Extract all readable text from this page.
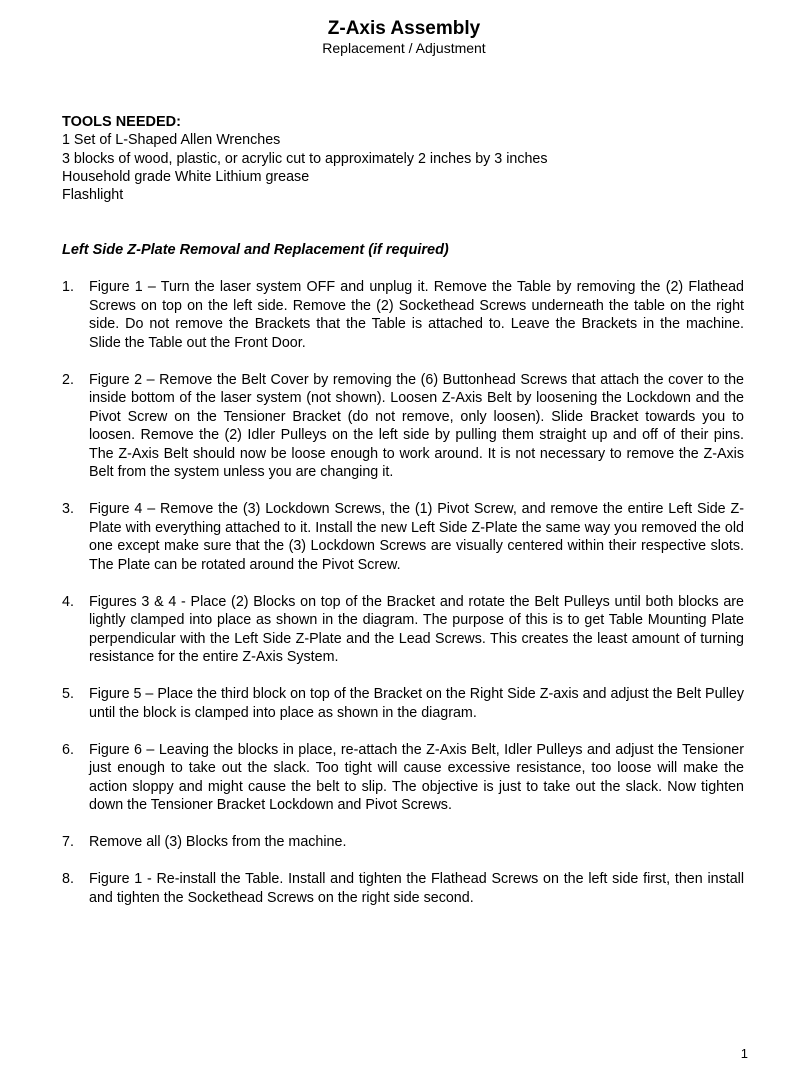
Z-Axis Assembly
Replacement / Adjustment
TOOLS NEEDED:
1 Set of L-Shaped Allen Wrenches
3 blocks of wood, plastic, or acrylic cut to approximately 2 inches by 3 inches
Household grade White Lithium grease
Flashlight
Left Side Z-Plate Removal and Replacement (if required)
1. Figure 1 – Turn the laser system OFF and unplug it. Remove the Table by removing the (2) Flathead Screws on top on the left side. Remove the (2) Sockethead Screws underneath the table on the right side. Do not remove the Brackets that the Table is attached to. Leave the Brackets in the machine. Slide the Table out the Front Door.
2. Figure 2 – Remove the Belt Cover by removing the (6) Buttonhead Screws that attach the cover to the inside bottom of the laser system (not shown). Loosen Z-Axis Belt by loosening the Lockdown and the Pivot Screw on the Tensioner Bracket (do not remove, only loosen). Slide Bracket towards you to loosen. Remove the (2) Idler Pulleys on the left side by pulling them straight up and off of their pins. The Z-Axis Belt should now be loose enough to work around. It is not necessary to remove the Z-Axis Belt from the system unless you are changing it.
3. Figure 4 – Remove the (3) Lockdown Screws, the (1) Pivot Screw, and remove the entire Left Side Z-Plate with everything attached to it. Install the new Left Side Z-Plate the same way you removed the old one except make sure that the (3) Lockdown Screws are visually centered within their respective slots. The Plate can be rotated around the Pivot Screw.
4. Figures 3 & 4 - Place (2) Blocks on top of the Bracket and rotate the Belt Pulleys until both blocks are lightly clamped into place as shown in the diagram. The purpose of this is to get Table Mounting Plate perpendicular with the Left Side Z-Plate and the Lead Screws. This creates the least amount of turning resistance for the entire Z-Axis System.
5. Figure 5 – Place the third block on top of the Bracket on the Right Side Z-axis and adjust the Belt Pulley until the block is clamped into place as shown in the diagram.
6. Figure 6 – Leaving the blocks in place, re-attach the Z-Axis Belt, Idler Pulleys and adjust the Tensioner just enough to take out the slack. Too tight will cause excessive resistance, too loose will make the action sloppy and might cause the belt to slip. The objective is just to take out the slack. Now tighten down the Tensioner Bracket Lockdown and Pivot Screws.
7. Remove all (3) Blocks from the machine.
8. Figure 1 - Re-install the Table. Install and tighten the Flathead Screws on the left side first, then install and tighten the Sockethead Screws on the right side second.
1
